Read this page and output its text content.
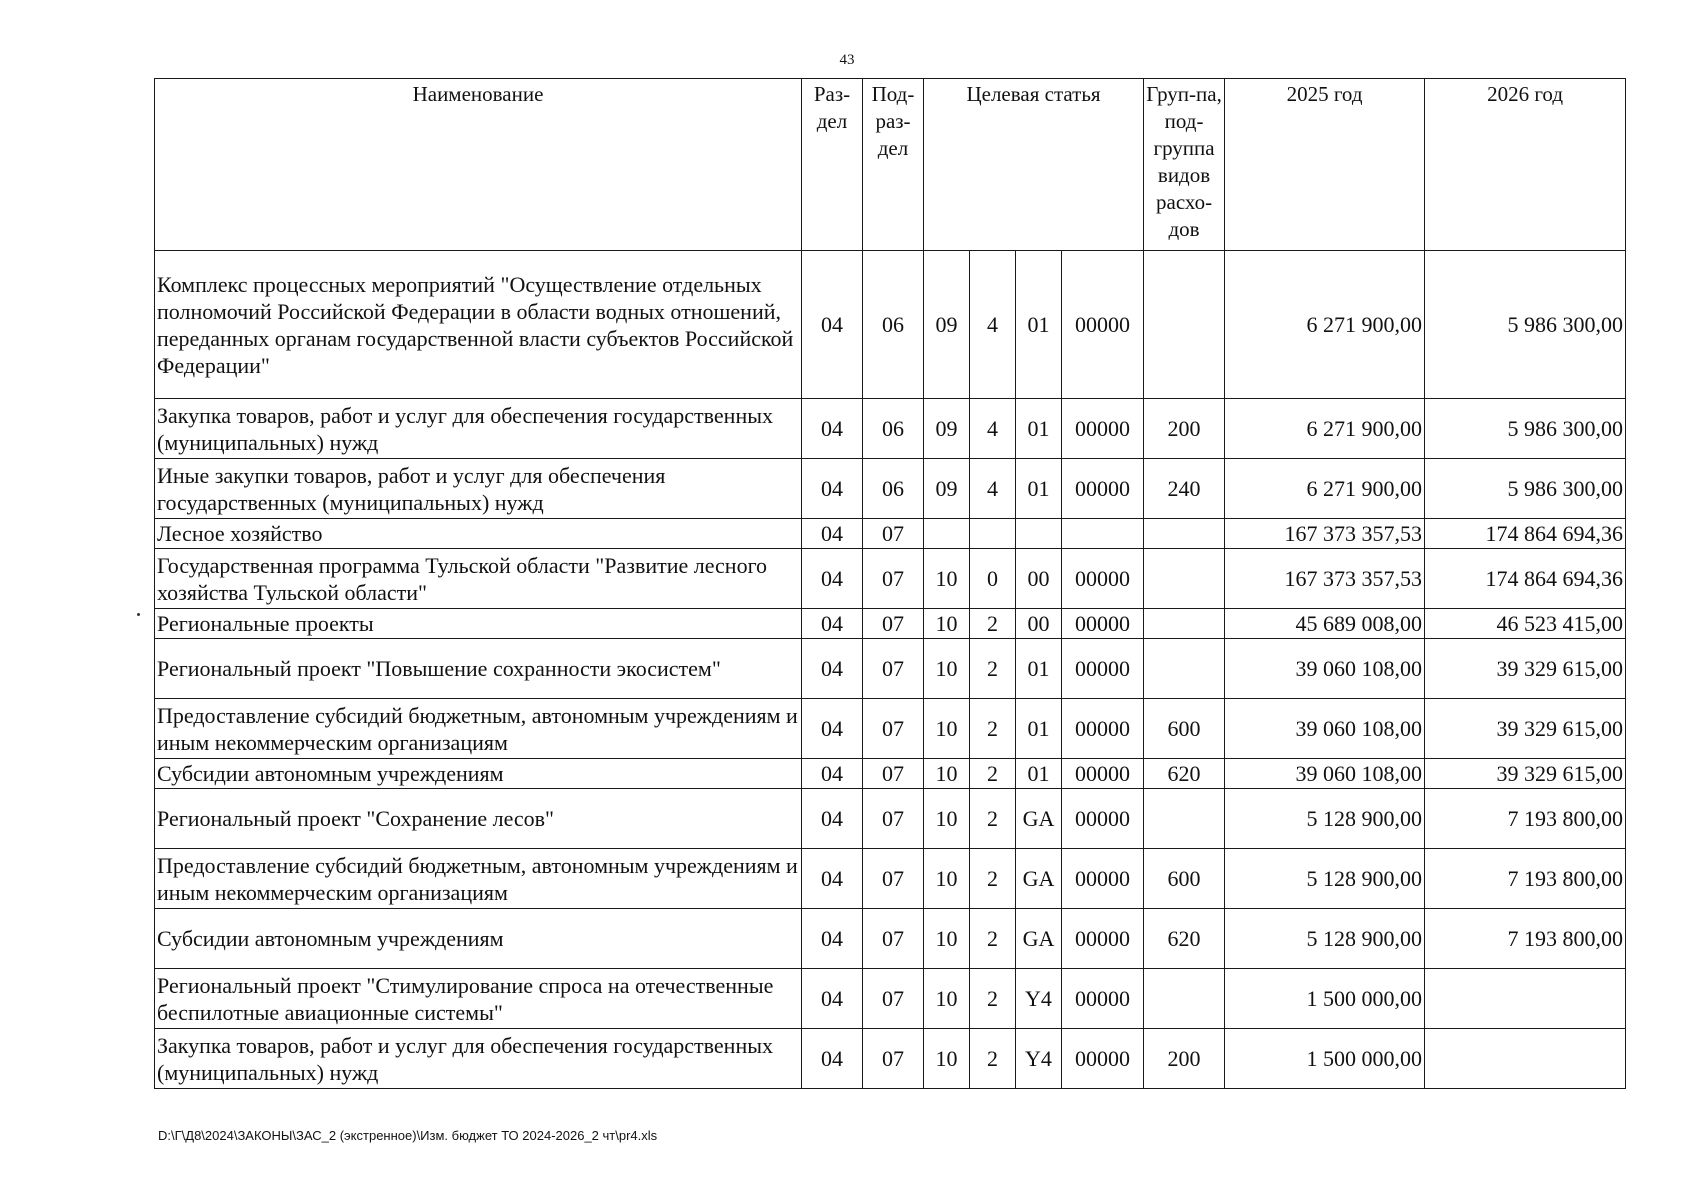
43
Наименование	Раз-дел	Под-раз-дел	Целевая статья				Груп-па, под-группа видов расхо-дов	2025 год	2026 год
Комплекс процессных мероприятий "Осуществление отдельных полномочий Российской Федерации в области водных отношений, переданных органам государственной власти субъектов Российской Федерации"	04	06	09	4	01	00000		6 271 900,00	5 986 300,00
Закупка товаров, работ и услуг для обеспечения государственных (муниципальных) нужд	04	06	09	4	01	00000	200	6 271 900,00	5 986 300,00
Иные закупки товаров, работ и услуг для обеспечения государственных (муниципальных) нужд	04	06	09	4	01	00000	240	6 271 900,00	5 986 300,00
Лесное хозяйство	04	07						167 373 357,53	174 864 694,36
Государственная программа Тульской области "Развитие лесного хозяйства Тульской области"	04	07	10	0	00	00000		167 373 357,53	174 864 694,36
Региональные проекты	04	07	10	2	00	00000		45 689 008,00	46 523 415,00
Региональный проект "Повышение сохранности экосистем"	04	07	10	2	01	00000		39 060 108,00	39 329 615,00
Предоставление субсидий бюджетным, автономным учреждениям и иным некоммерческим организациям	04	07	10	2	01	00000	600	39 060 108,00	39 329 615,00
Субсидии автономным учреждениям	04	07	10	2	01	00000	620	39 060 108,00	39 329 615,00
Региональный проект "Сохранение лесов"	04	07	10	2	GA	00000		5 128 900,00	7 193 800,00
Предоставление субсидий бюджетным, автономным учреждениям и иным некоммерческим организациям	04	07	10	2	GA	00000	600	5 128 900,00	7 193 800,00
Субсидии автономным учреждениям	04	07	10	2	GA	00000	620	5 128 900,00	7 193 800,00
Региональный проект "Стимулирование спроса на отечественные беспилотные авиационные системы"	04	07	10	2	Y4	00000		1 500 000,00	
Закупка товаров, работ и услуг для обеспечения государственных (муниципальных) нужд	04	07	10	2	Y4	00000	200	1 500 000,00	
D:\Г\Д8\2024\ЗАКОНЫ\ЗАС_2 (экстренное)\Изм. бюджет ТО 2024-2026_2 чт\pr4.xls
